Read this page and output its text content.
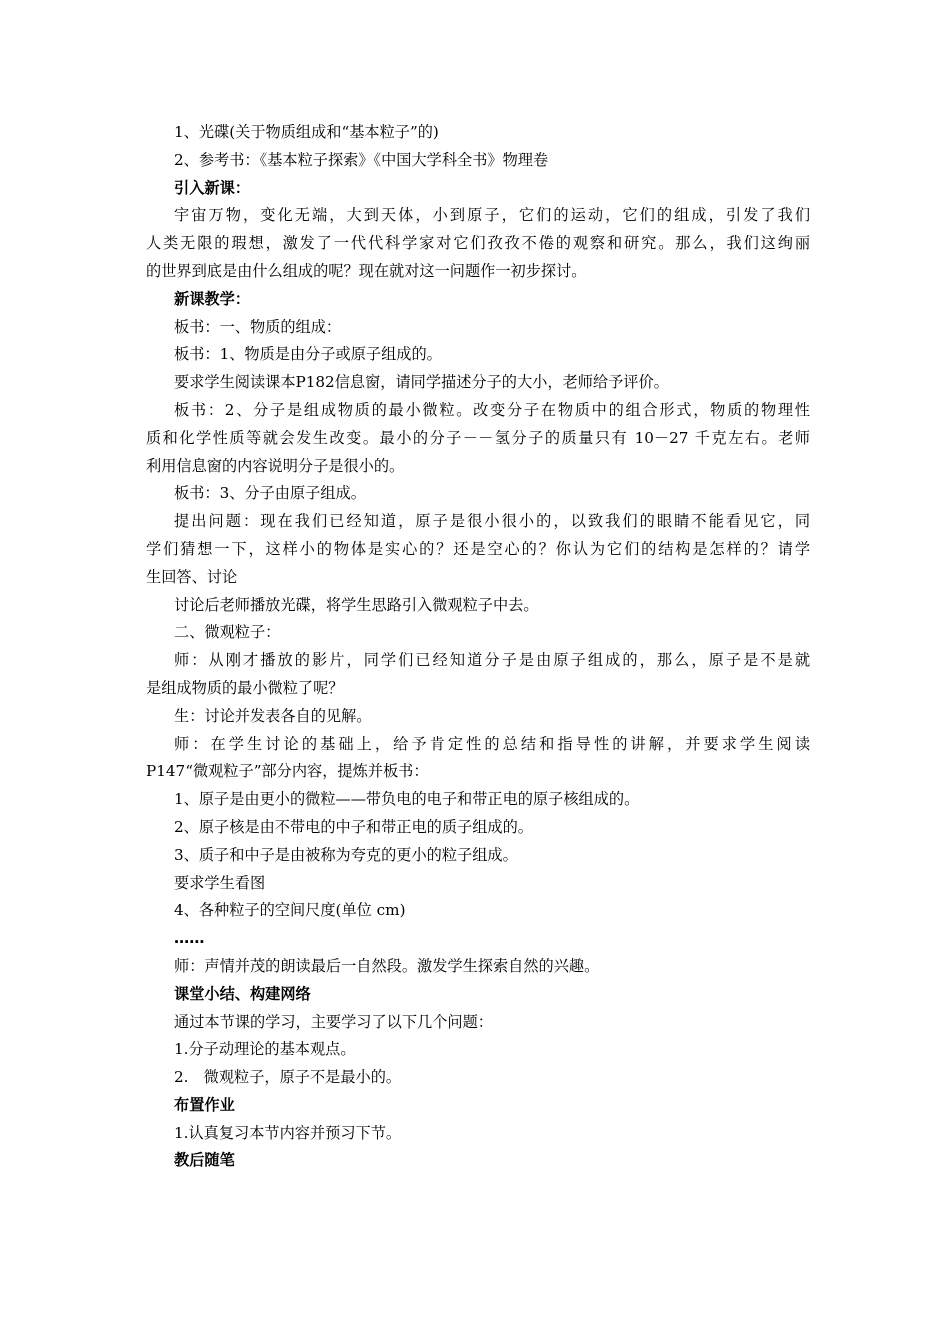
1、光碟(关于物质组成和“基本粒子”的)
2、参考书：《基本粒子探索》《中国大学科全书》物理卷
引入新课：
宇宙万物，变化无端，大到天体，小到原子，它们的运动，它们的组成，引发了我们
人类无限的瑕想，激发了一代代科学家对它们孜孜不倦的观察和研究。那么，我们这绚丽
的世界到底是由什么组成的呢？现在就对这一问题作一初步探讨。
新课教学：
板书：一、物质的组成：
板书：1、物质是由分子或原子组成的。
要求学生阅读课本P182信息窗，请同学描述分子的大小，老师给予评价。
板书：2、分子是组成物质的最小微粒。改变分子在物质中的组合形式，物质的物理性
质和化学性质等就会发生改变。最小的分子－－氢分子的质量只有 10－27 千克左右。老师
利用信息窗的内容说明分子是很小的。
板书：3、分子由原子组成。
提出问题：现在我们已经知道，原子是很小很小的，以致我们的眼睛不能看见它，同
学们猜想一下，这样小的物体是实心的？还是空心的？你认为它们的结构是怎样的？请学
生回答、讨论
讨论后老师播放光碟，将学生思路引入微观粒子中去。
二、微观粒子：
师：从刚才播放的影片，同学们已经知道分子是由原子组成的，那么，原子是不是就
是组成物质的最小微粒了呢？
生：讨论并发表各自的见解。
师：在学生讨论的基础上，给予肯定性的总结和指导性的讲解，并要求学生阅读
P147“微观粒子”部分内容，提炼并板书：
1、原子是由更小的微粒——带负电的电子和带正电的原子核组成的。
2、原子核是由不带电的中子和带正电的质子组成的。
3、质子和中子是由被称为夸克的更小的粒子组成。
要求学生看图
4、各种粒子的空间尺度(单位 cm)
……
师：声情并茂的朗读最后一自然段。激发学生探索自然的兴趣。
课堂小结、构建网络
通过本节课的学习，主要学习了以下几个问题：
1.分子动理论的基本观点。
2.　微观粒子，原子不是最小的。
布置作业
1.认真复习本节内容并预习下节。
教后随笔
